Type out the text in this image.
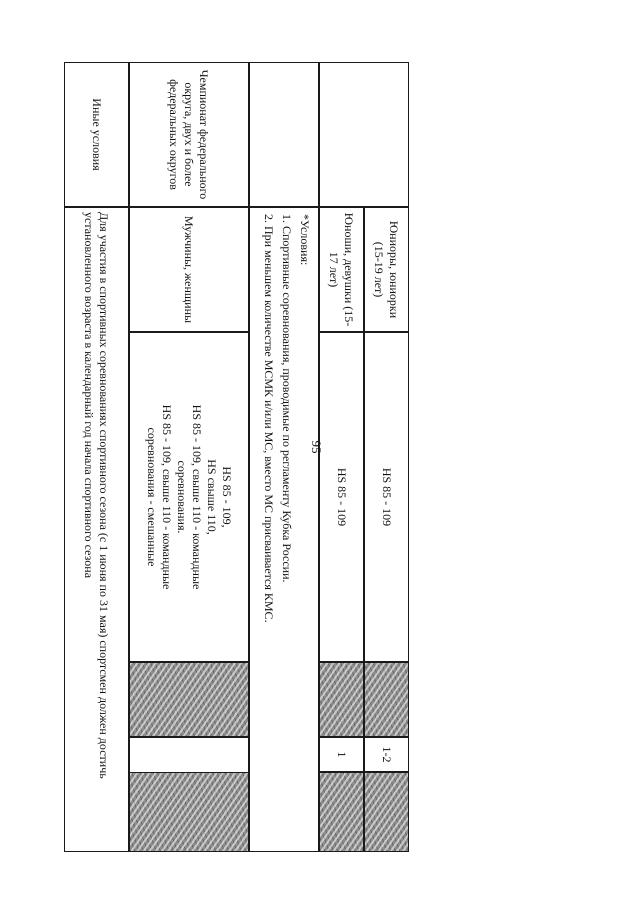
95
Юниоры, юниорки (15-19 лет)
HS 85 - 109
1-2
Юноши, девушки (15-17 лет)
HS 85 - 109
1
*Условия:
1. Спортивные соревнования, проводимые по регламенту Кубка России.
2. При меньшем количестве МСМК и/или МС, вместо МС присваивается КМС.
Чемпионат федерального округа, двух и более федеральных округов
Мужчины, женщины
HS 85 - 109,
HS свыше 110,
HS 85 - 109, свыше 110 - командные
соревнования.
HS 85 - 109, свыше 110 - командные
соревнования - смешанные
Иные условия
Для участия в спортивных соревнованиях спортивного сезона (с 1 июня по 31 мая) спортсмен должен достичь установленного возраста в календарный год начала спортивного сезона
